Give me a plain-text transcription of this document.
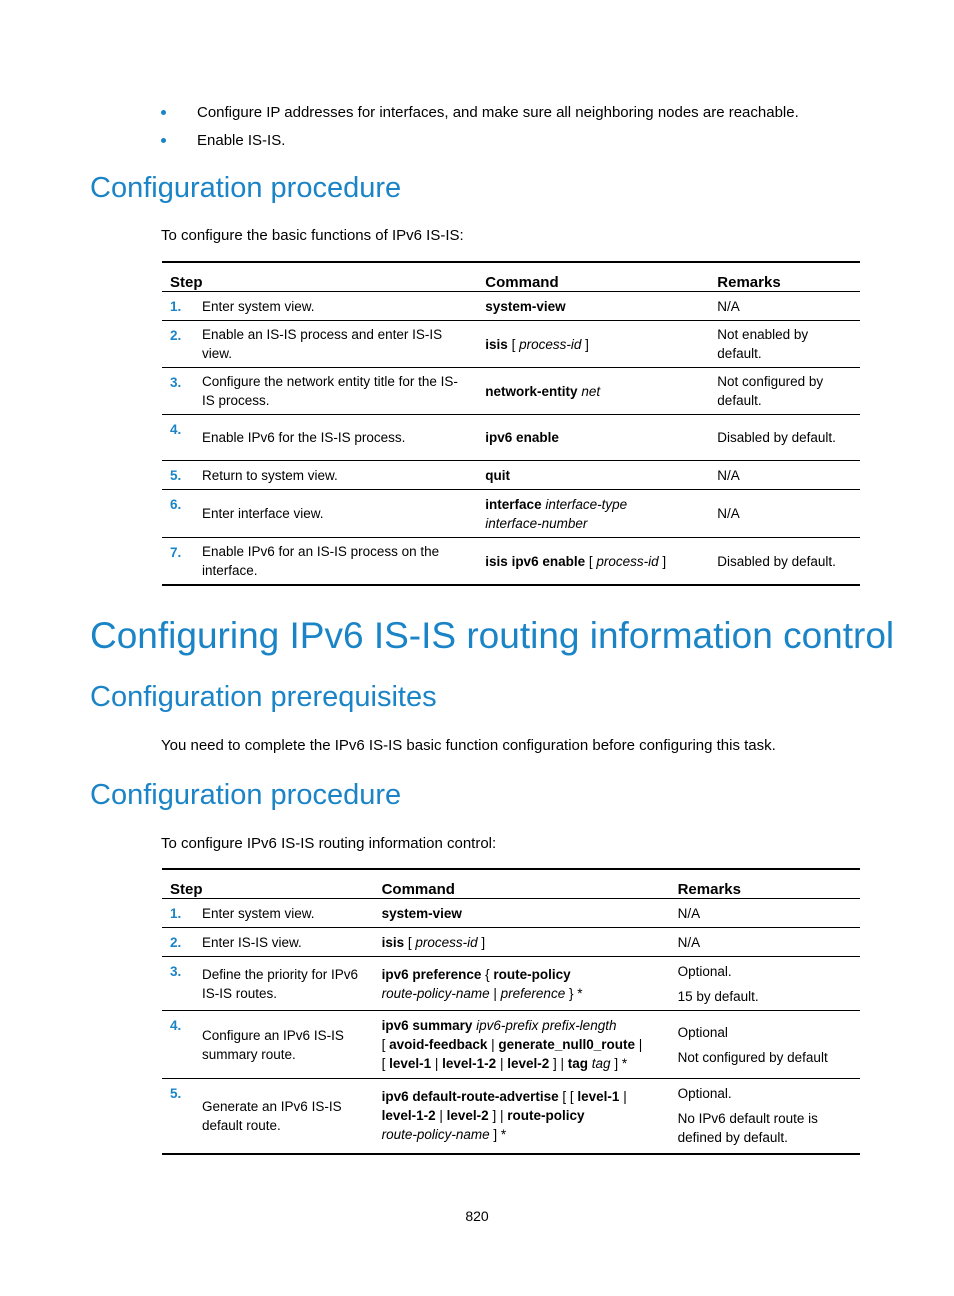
Configure IP addresses for interfaces, and make sure all neighboring nodes are reachable.
Enable IS-IS.
Configuration procedure

To configure the basic functions of IPv6 IS-IS:

Step		Command	Remarks
1.	Enter system view.	system-view	N/A

2.	Enable an IS-IS process and enter IS-IS view.	isis [ process-id ]	Not enabled by default.

3.	Configure the network entity title for the IS-IS process.	network-entity net	Not configured by default.

4.	Enable IPv6 for the IS-IS process.	ipv6 enable	Disabled by default.

5.	Return to system view.	quit	N/A

6.	Enter interface view.	interface interface-type
interface-number	N/A

7.	Enable IPv6 for an IS-IS process on the interface.	isis ipv6 enable [ process-id ]	Disabled by default.
Configuring IPv6 IS-IS routing information control
Configuration prerequisites

You need to complete the IPv6 IS-IS basic function configuration before configuring this task.

Configuration procedure

To configure IPv6 IS-IS routing information control:

Step		Command	Remarks
1.	Enter system view.	system-view	N/A

2.	Enter IS-IS view.	isis [ process-id ]	N/A

3.	Define the priority for IPv6 IS-IS routes.	ipv6 preference { route-policy
route-policy-name | preference } *	Optional.
15 by default.

4.	Configure an IPv6 IS-IS summary route.	ipv6 summary ipv6-prefix prefix-length
[ avoid-feedback | generate_null0_route |
[ level-1 | level-1-2 | level-2 ] | tag tag ] *	Optional
Not configured by default

5.	Generate an IPv6 IS-IS default route.	ipv6 default-route-advertise [ [ level-1 |
level-1-2 | level-2 ] | route-policy
route-policy-name ] *	Optional.
No IPv6 default route is defined by default.
820
